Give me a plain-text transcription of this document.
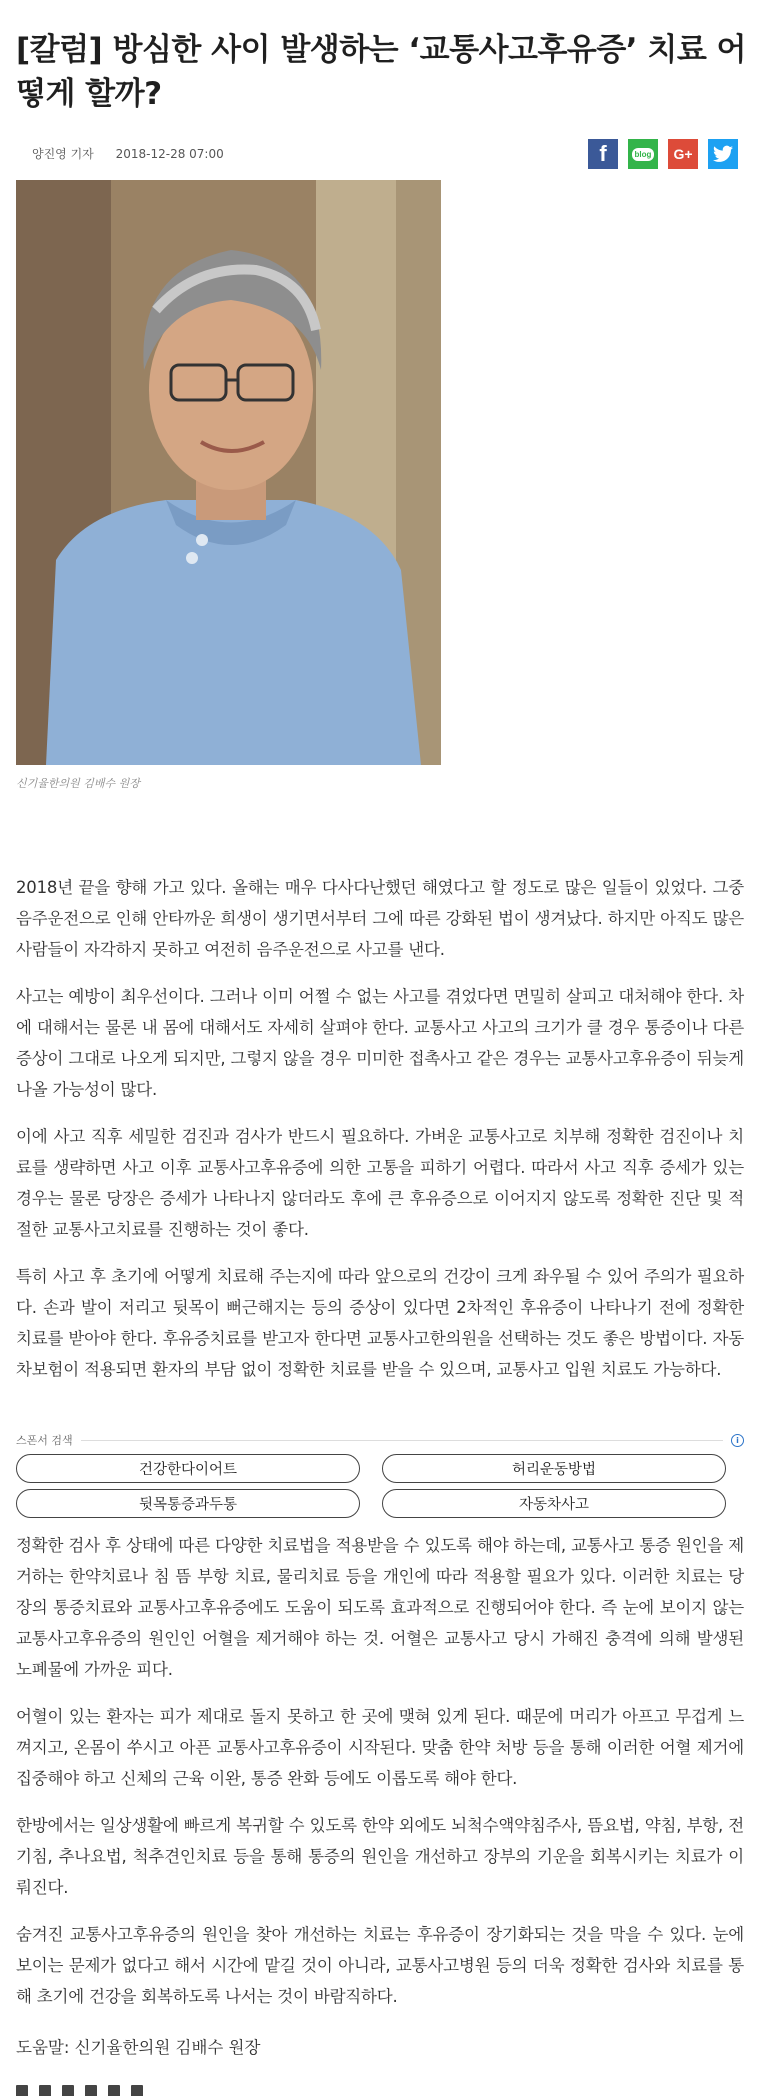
[칼럼] 방심한 사이 발생하는 ‘교통사고후유증’ 치료 어떻게 할까?
양진영 기자 2018-12-28 07:00	f	blog G+
신기율한의원 김배수 원장

2018년 끝을 향해 가고 있다. 올해는 매우 다사다난했던 해였다고 할 정도로 많은 일들이 있었다. 그중 음주운전으로 인해 안타까운 희생이 생기면서부터 그에 따른 강화된 법이 생겨났다. 하지만 아직도 많은 사람들이 자각하지 못하고 여전히 음주운전으로 사고를 낸다.

사고는 예방이 최우선이다. 그러나 이미 어쩔 수 없는 사고를 겪었다면 면밀히 살피고 대처해야 한다. 차에 대해서는 물론 내 몸에 대해서도 자세히 살펴야 한다. 교통사고 사고의 크기가 클 경우 통증이나 다른 증상이 그대로 나오게 되지만, 그렇지 않을 경우 미미한 접촉사고 같은 경우는 교통사고후유증이 뒤늦게 나올 가능성이 많다.

이에 사고 직후 세밀한 검진과 검사가 반드시 필요하다. 가벼운 교통사고로 치부해 정확한 검진이나 치료를 생략하면 사고 이후 교통사고후유증에 의한 고통을 피하기 어렵다. 따라서 사고 직후 증세가 있는 경우는 물론 당장은 증세가 나타나지 않더라도 후에 큰 후유증으로 이어지지 않도록 정확한 진단 및 적절한 교통사고치료를 진행하는 것이 좋다.

특히 사고 후 초기에 어떻게 치료해 주는지에 따라 앞으로의 건강이 크게 좌우될 수 있어 주의가 필요하다. 손과 발이 저리고 뒷목이 뻐근해지는 등의 증상이 있다면 2차적인 후유증이 나타나기 전에 정확한 치료를 받아야 한다. 후유증치료를 받고자 한다면 교통사고한의원을 선택하는 것도 좋은 방법이다. 자동차보험이 적용되면 환자의 부담 없이 정확한 치료를 받을 수 있으며, 교통사고 입원 치료도 가능하다.

스폰서 검색	i
건강한다이어트	허리운동방법
뒷목통증과두통	자동차사고

정확한 검사 후 상태에 따른 다양한 치료법을 적용받을 수 있도록 해야 하는데, 교통사고 통증 원인을 제거하는 한약치료나 침 뜸 부항 치료, 물리치료 등을 개인에 따라 적용할 필요가 있다. 이러한 치료는 당장의 통증치료와 교통사고후유증에도 도움이 되도록 효과적으로 진행되어야 한다. 즉 눈에 보이지 않는 교통사고후유증의 원인인 어혈을 제거해야 하는 것. 어혈은 교통사고 당시 가해진 충격에 의해 발생된 노폐물에 가까운 피다.

어혈이 있는 환자는 피가 제대로 돌지 못하고 한 곳에 맺혀 있게 된다. 때문에 머리가 아프고 무겁게 느껴지고, 온몸이 쑤시고 아픈 교통사고후유증이 시작된다. 맞춤 한약 처방 등을 통해 이러한 어혈 제거에 집중해야 하고 신체의 근육 이완, 통증 완화 등에도 이롭도록 해야 한다.

한방에서는 일상생활에 빠르게 복귀할 수 있도록 한약 외에도 뇌척수액약침주사, 뜸요법, 약침, 부항, 전기침, 추나요법, 척추견인치료 등을 통해 통증의 원인을 개선하고 장부의 기운을 회복시키는 치료가 이뤄진다.

숨겨진 교통사고후유증의 원인을 찾아 개선하는 치료는 후유증이 장기화되는 것을 막을 수 있다. 눈에 보이는 문제가 없다고 해서 시간에 맡길 것이 아니라, 교통사고병원 등의 더욱 정확한 검사와 치료를 통해 초기에 건강을 회복하도록 나서는 것이 바람직하다.

도움말: 신기율한의원 김배수 원장
